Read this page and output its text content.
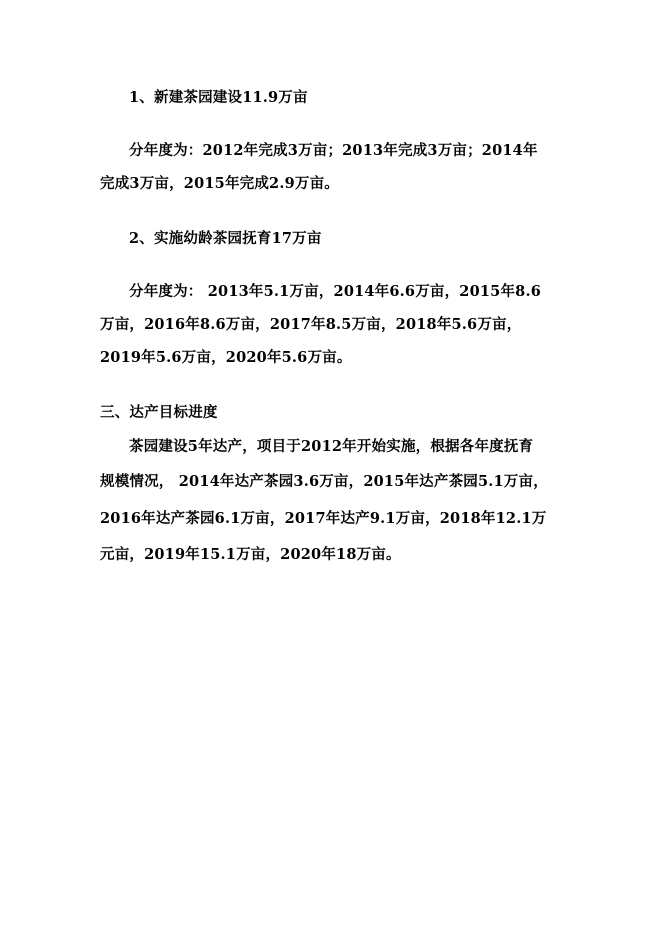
1、新建茶园建设11.9万亩
分年度为：2012年完成3万亩；2013年完成3万亩；2014年
完成3万亩，2015年完成2.9万亩。
2、实施幼龄茶园抚育17万亩
分年度为： 2013年5.1万亩，2014年6.6万亩，2015年8.6
万亩，2016年8.6万亩，2017年8.5万亩，2018年5.6万亩，
2019年5.6万亩，2020年5.6万亩。
三、达产目标进度
茶园建设5年达产，项目于2012年开始实施，根据各年度抚育
规模情况， 2014年达产茶园3.6万亩，2015年达产茶园5.1万亩，
2016年达产茶园6.1万亩，2017年达产9.1万亩，2018年12.1万
元亩，2019年15.1万亩，2020年18万亩。
